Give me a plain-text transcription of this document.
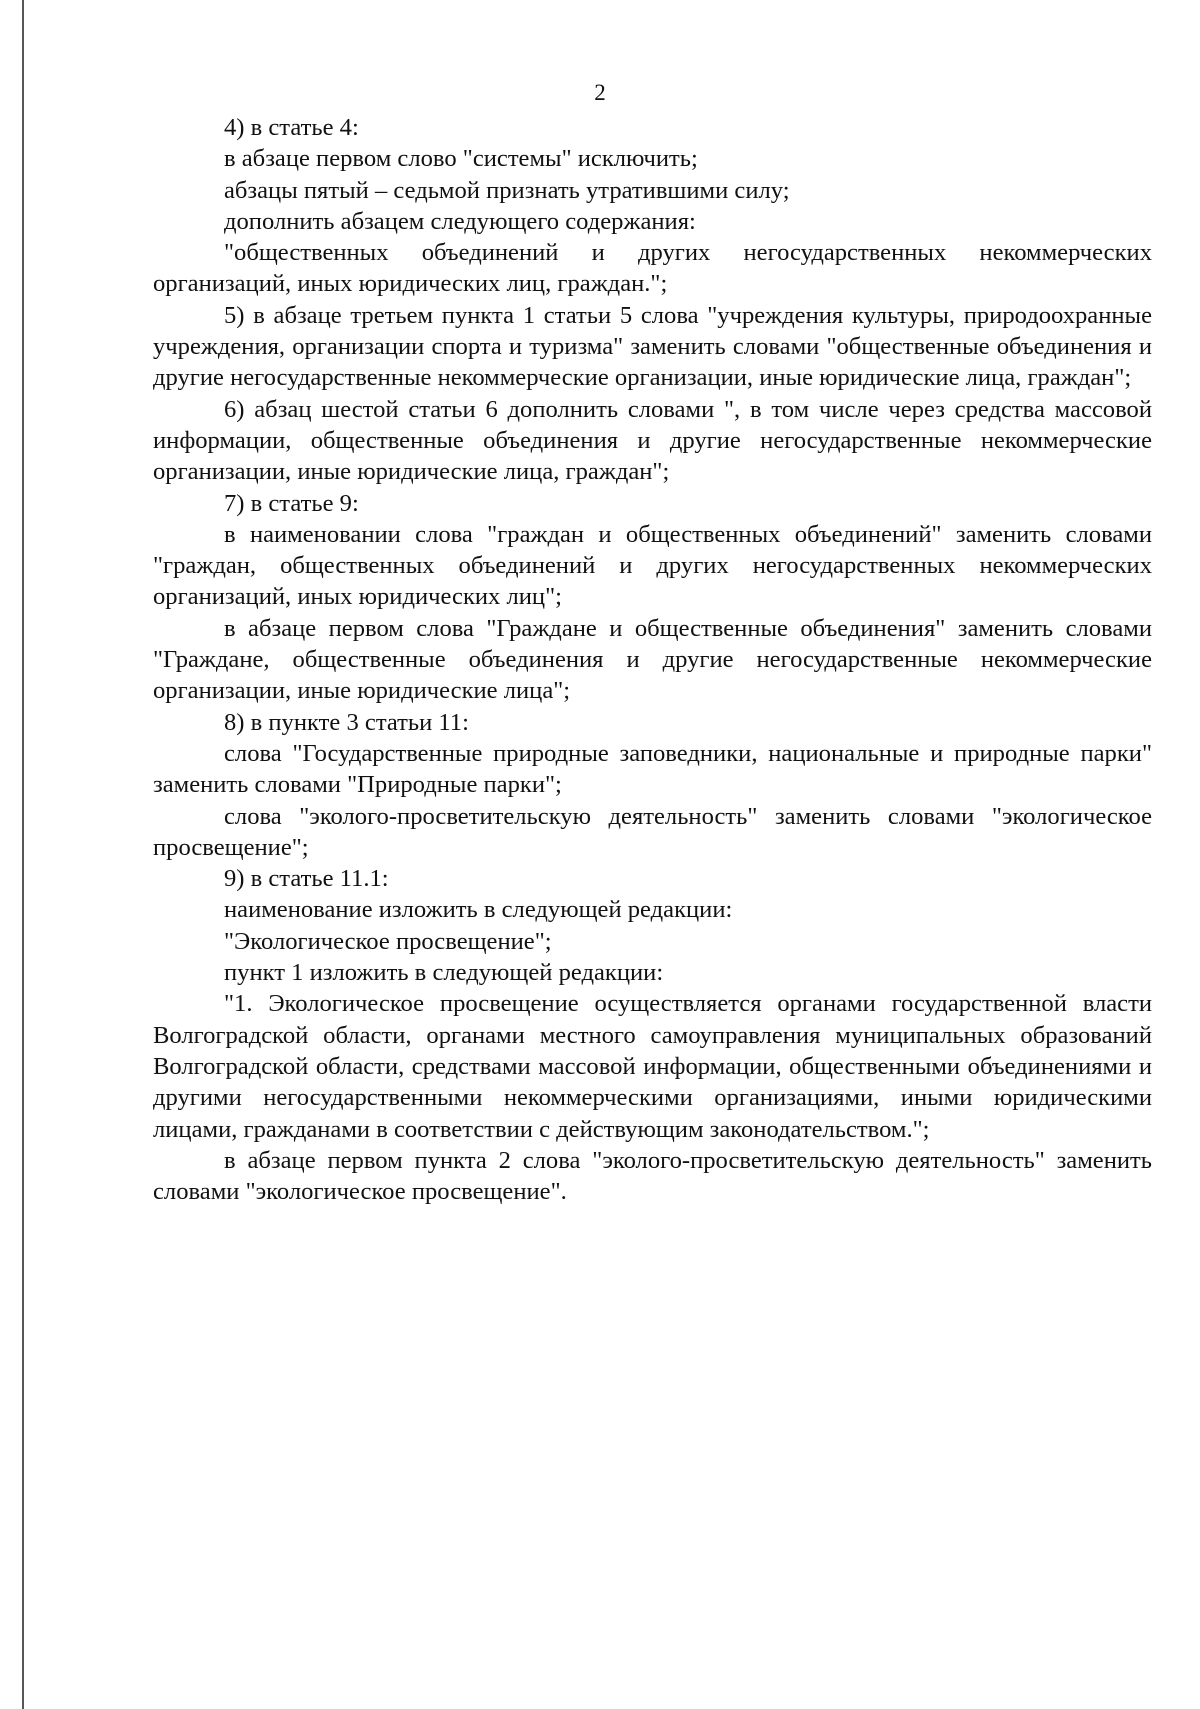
2

4) в статье 4:

в абзаце первом слово "системы" исключить;

абзацы пятый – седьмой признать утратившими силу;

дополнить абзацем следующего содержания:

"общественных объединений и других негосударственных некоммерческих организаций, иных юридических лиц, граждан.";

5) в абзаце третьем пункта 1 статьи 5 слова "учреждения культуры, природоохранные учреждения, организации спорта и туризма" заменить словами "общественные объединения и другие негосударственные некоммерческие организации, иные юридические лица, граждан";

6) абзац шестой статьи 6 дополнить словами ", в том числе через средства массовой информации, общественные объединения и другие негосударственные некоммерческие организации, иные юридические лица, граждан";

7) в статье 9:

в наименовании слова "граждан и общественных объединений" заменить словами "граждан, общественных объединений и других негосударственных некоммерческих организаций, иных юридических лиц";

в абзаце первом слова "Граждане и общественные объединения" заменить словами "Граждане, общественные объединения и другие негосударственные некоммерческие организации, иные юридические лица";

8) в пункте 3 статьи 11:

слова "Государственные природные заповедники, национальные и природные парки" заменить словами "Природные парки";

слова "эколого-просветительскую деятельность" заменить словами "экологическое просвещение";

9) в статье 11.1:

наименование изложить в следующей редакции:

"Экологическое просвещение";

пункт 1 изложить в следующей редакции:

"1. Экологическое просвещение осуществляется органами государственной власти Волгоградской области, органами местного самоуправления муниципальных образований Волгоградской области, средствами массовой информации, общественными объединениями и другими негосударственными некоммерческими организациями, иными юридическими лицами, гражданами в соответствии с действующим законодательством.";

в абзаце первом пункта 2 слова "эколого-просветительскую деятельность" заменить словами "экологическое просвещение".
